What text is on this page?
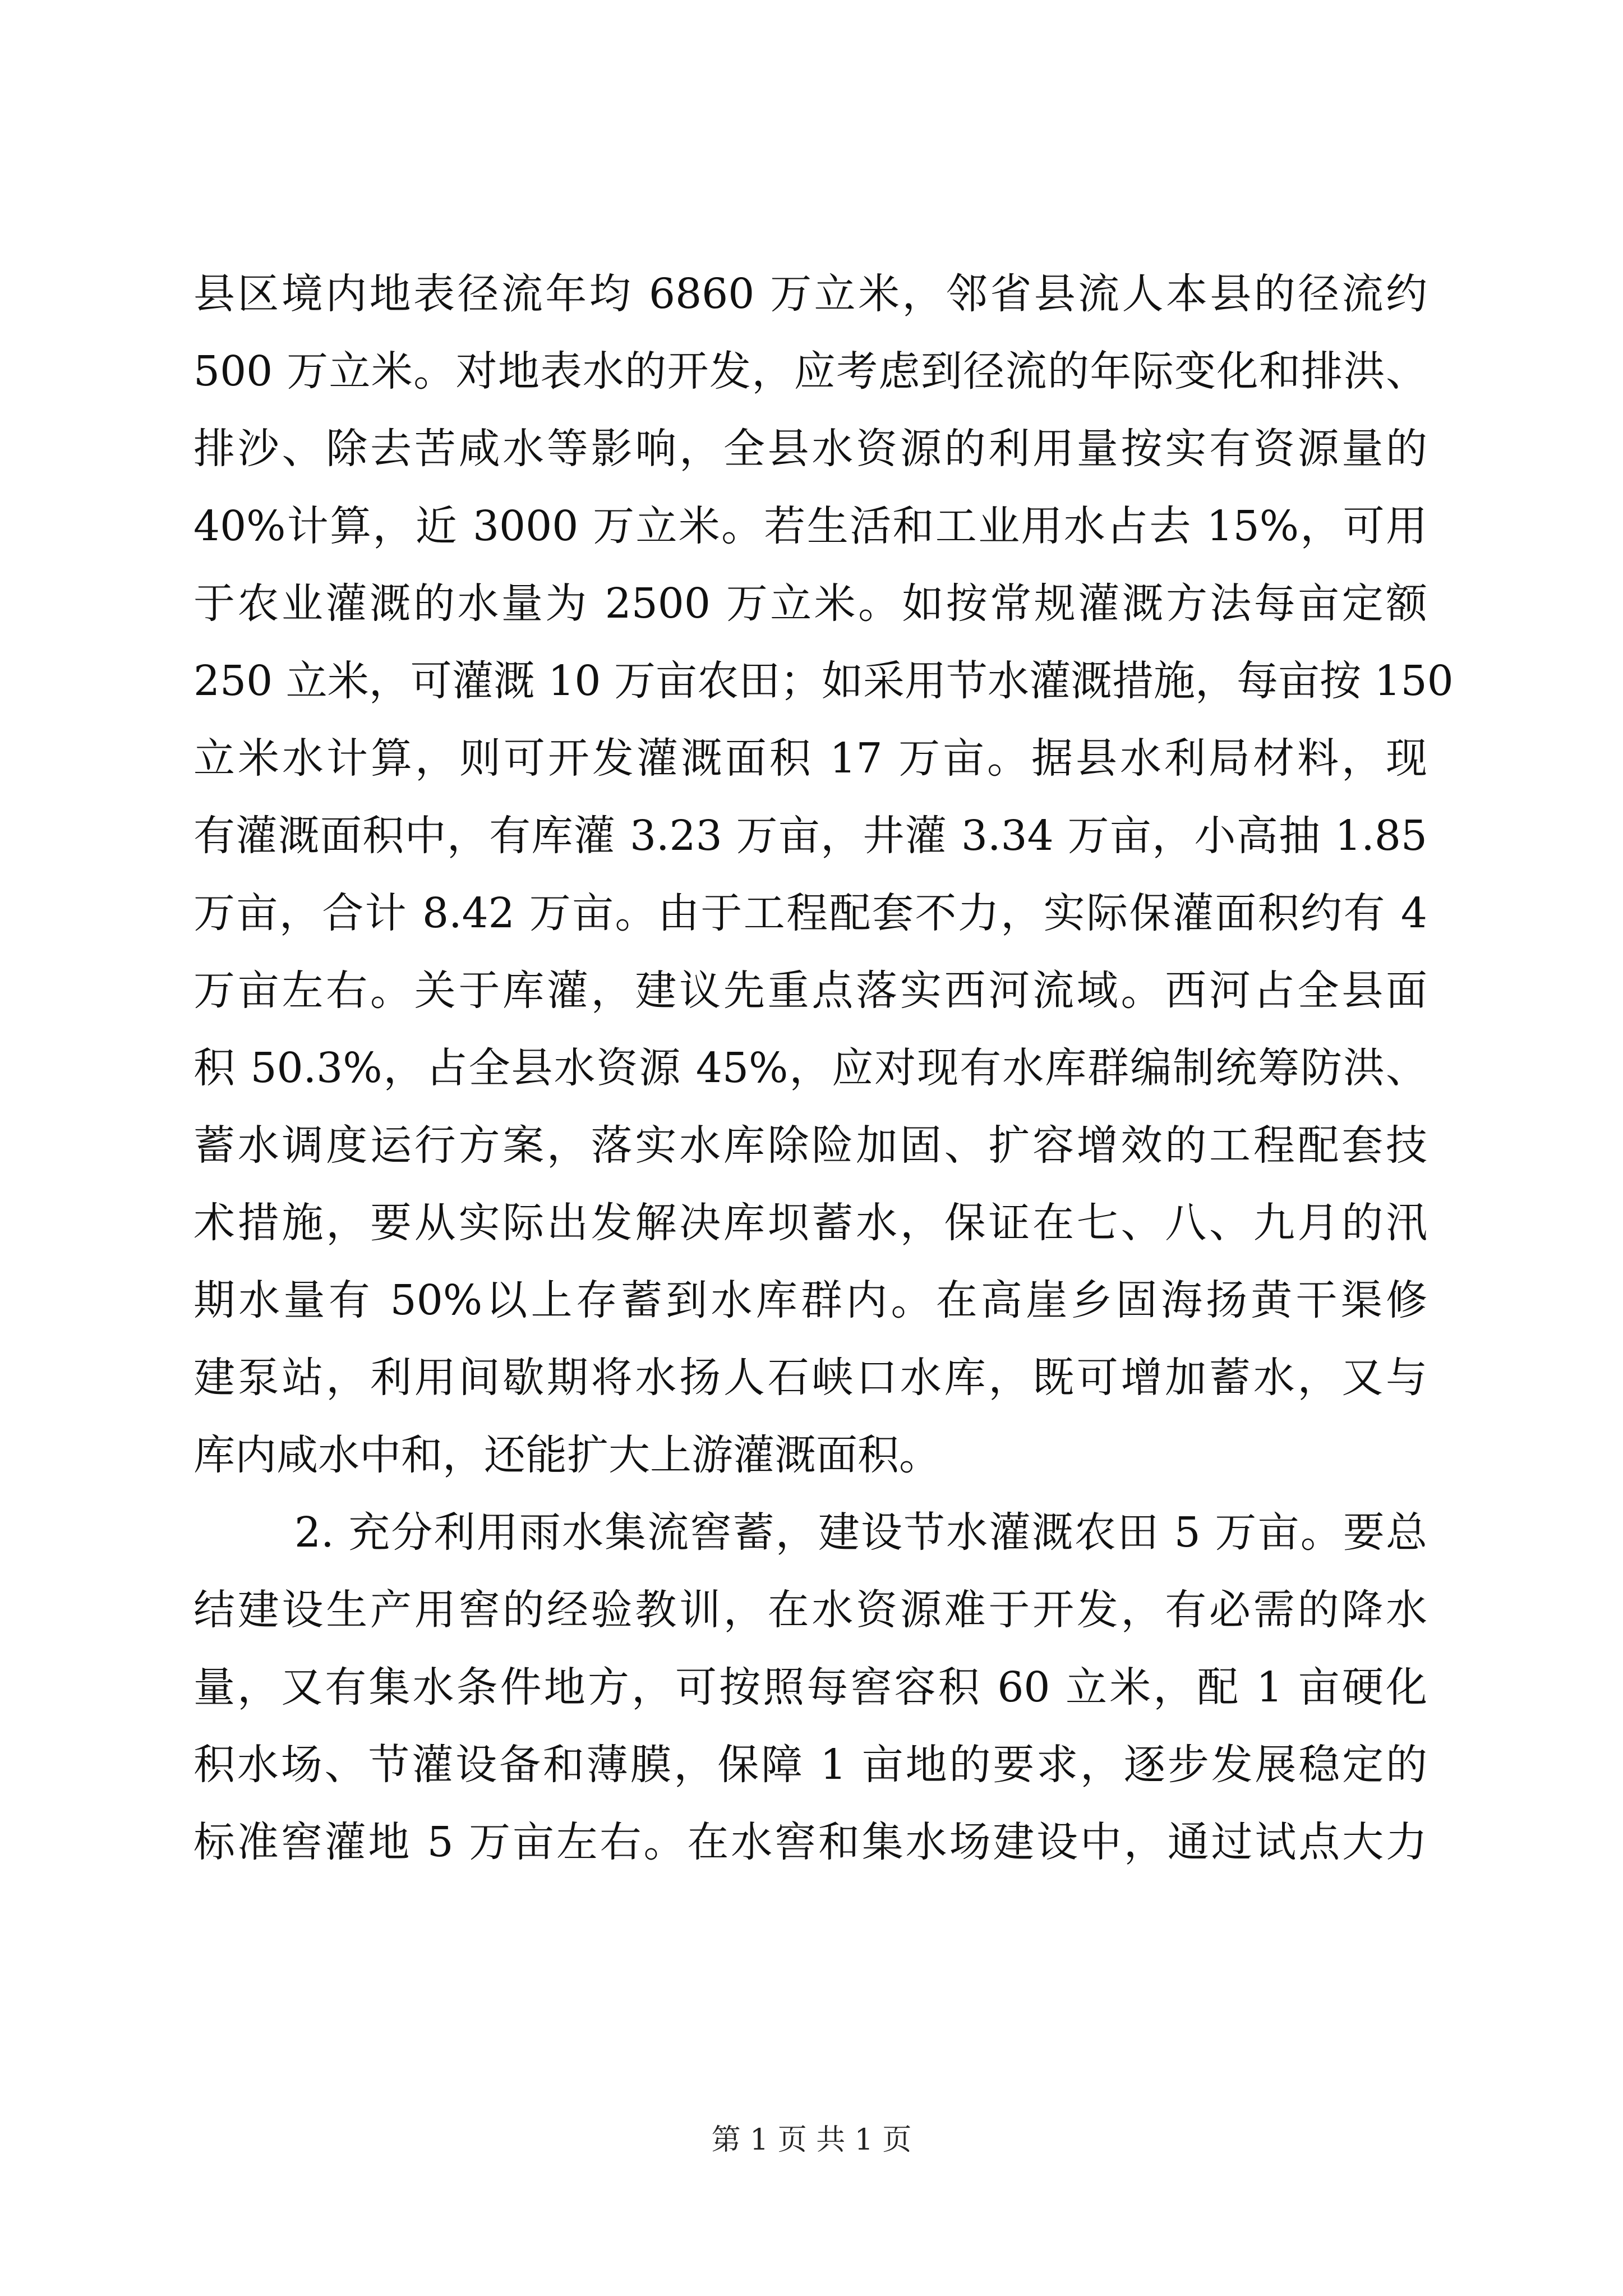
县区境内地表径流年均 6860 万立米，邻省县流人本县的径流约
500 万立米。对地表水的开发，应考虑到径流的年际变化和排洪、
排沙、除去苦咸水等影响，全县水资源的利用量按实有资源量的
40%计算，近 3000 万立米。若生活和工业用水占去 15%，可用
于农业灌溉的水量为 2500 万立米。如按常规灌溉方法每亩定额
250 立米，可灌溉 10 万亩农田；如采用节水灌溉措施，每亩按 150
立米水计算，则可开发灌溉面积 17 万亩。据县水利局材料，现
有灌溉面积中，有库灌 3.23 万亩，井灌 3.34 万亩，小高抽 1.85
万亩，合计 8.42 万亩。由于工程配套不力，实际保灌面积约有 4
万亩左右。关于库灌，建议先重点落实西河流域。西河占全县面
积 50.3%，占全县水资源 45%，应对现有水库群编制统筹防洪、
蓄水调度运行方案，落实水库除险加固、扩容增效的工程配套技
术措施，要从实际出发解决库坝蓄水，保证在七、八、九月的汛
期水量有 50%以上存蓄到水库群内。在高崖乡固海扬黄干渠修
建泵站，利用间歇期将水扬人石峡口水库，既可增加蓄水，又与
库内咸水中和，还能扩大上游灌溉面积。
2. 充分利用雨水集流窖蓄，建设节水灌溉农田 5 万亩。要总
结建设生产用窖的经验教训，在水资源难于开发，有必需的降水
量，又有集水条件地方，可按照每窖容积 60 立米，配 1 亩硬化
积水场、节灌设备和薄膜，保障 1 亩地的要求，逐步发展稳定的
标准窖灌地 5 万亩左右。在水窖和集水场建设中，通过试点大力
第 1 页 共 1 页
